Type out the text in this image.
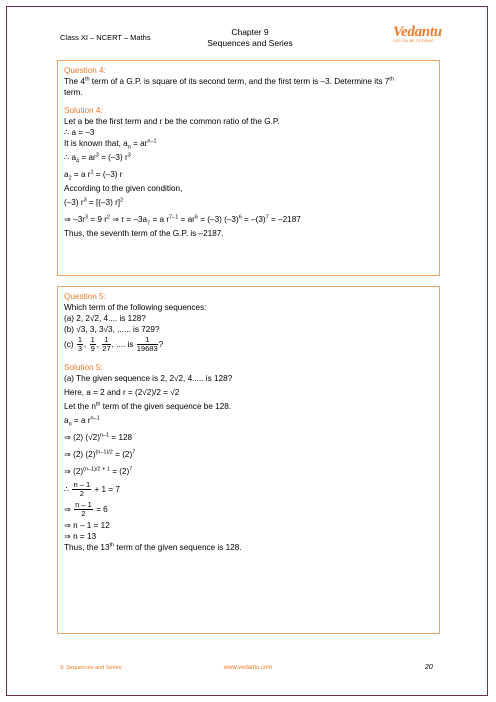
Class XI – NCERT – Maths
Chapter 9
Sequences and Series
Vedantu
LIVE ONLINE TUTORING
Question 4:
The 4th term of a G.P. is square of its second term, and the first term is –3. Determine its 7th
term.
Solution 4:
Let a be the first term and r be the common ratio of the G.P.
∴ a = –3
It is known that, $a_n = ar^{n-1}$
∴ $a_4 = ar^3 = (-3)$ $r^3$
$a_2 = a$ $r^1 = (-3)$ r
According to the given condition,
(–3) $r^3 = [(-3)$ r]$^2$
⇒ $-3r^3 = 9$ $r^2$ ⇒ $r = -3a_7 = a$ $r^{7-1} = ar^6 = (-3) (-3)^6 = -(3)^7 = -2187$
Thus, the seventh term of the G.P. is –2187.
Question 5:
Which term of the following sequences:
(a) 2, 2√2, 4.... is 128?
(b) √3, 3, 3√3, ...... is 729?
$(c) \frac{1}{3}$ , $\frac{1}{9}$ , $\frac{1}{27}$ , .... is $\frac{1}{19683}$ ?
Solution 5:
(a) The given sequence is 2, 2√2, 4..... is 128?
Here, a = 2 and r = (2√2)/2 = √2
Let the $n^{th}$ term of the given sequence be 128.
$a_n = a$ $r^{n-1}$
⇒ (2) $(√2)^{n-1} = 128$
⇒ (2) $(2)^{(n-1)/2} = (2)^7$
⇒ $(2)^{(n-1)/2 + 1} = (2)^7$
∴ $\frac{n - 1}{2} + 1 = 7$
⇒ $\frac{n - 1}{2} = 6$
⇒ n – 1 = 12
⇒ n = 13
Thus, the 13th term of the given sequence is 128.
9. Sequences and Series	www.vedantu.com	20
